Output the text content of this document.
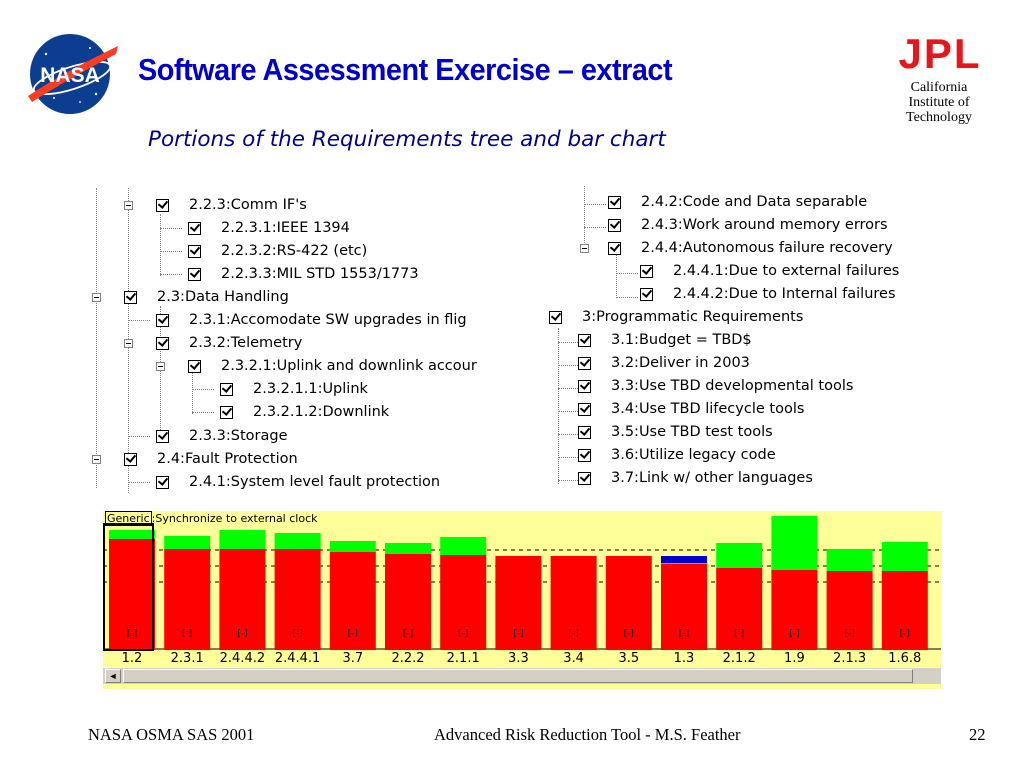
NASA Software Assessment Exercise – extract
Portions of the Requirements tree and bar chart
JPL
California
Institute of
Technology
2.2.3:Comm IF's
2.2.3.1:IEEE 1394
2.2.3.2:RS-422 (etc)
2.2.3.3:MIL STD 1553/1773
2.3:Data Handling
2.3.1:Accomodate SW upgrades in flig
2.3.2:Telemetry
2.3.2.1:Uplink and downlink accour
2.3.2.1.1:Uplink
2.3.2.1.2:Downlink
2.3.3:Storage
2.4:Fault Protection
2.4.1:System level fault protection
2.4.2:Code and Data separable
2.4.3:Work around memory errors
2.4.4:Autonomous failure recovery
2.4.4.1:Due to external failures
2.4.4.2:Due to Internal failures
3:Programmatic Requirements
3.1:Budget = TBD$
3.2:Deliver in 2003
3.3:Use TBD developmental tools
3.4:Use TBD lifecycle tools
3.5:Use TBD test tools
3.6:Utilize legacy code
3.7:Link w/ other languages
[-]	[-]	[-]	[-]	[-]	[-]	[-]	[-]	[-]	[-]	[-]	[-]	[-]	[-]	[-]
Generic :Synchronize to external clock
1.2	2.3.1	2.4.4.2 2.4.4.1	3.7	2.2.2	2.1.1	3.3	3.4	3.5	1.3	2.1.2	1.9	2.1.3	1.6.8
◄
NASA OSMA SAS 2001	Advanced Risk Reduction Tool - M.S. Feather	22
